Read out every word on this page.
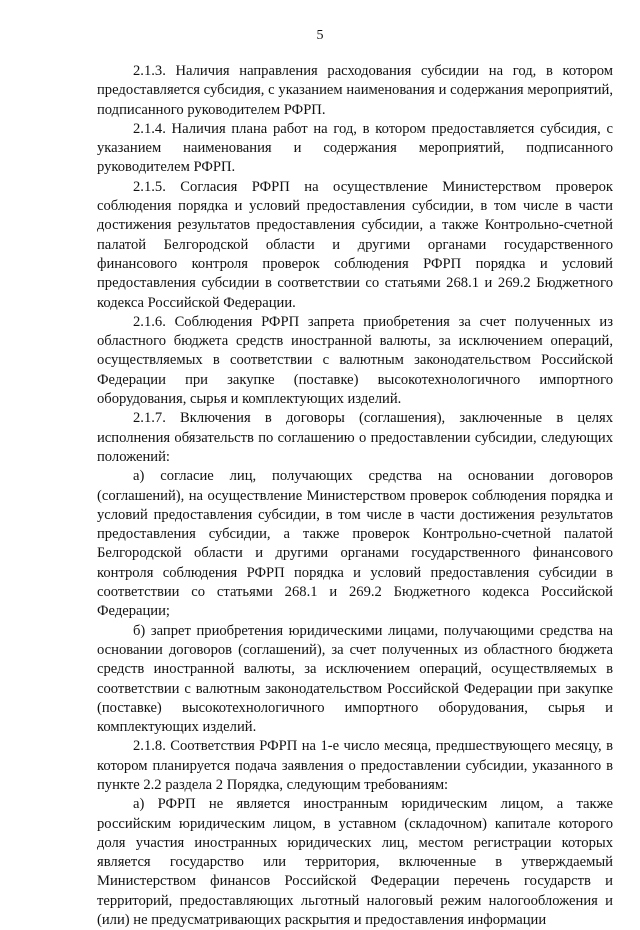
5

2.1.3. Наличия направления расходования субсидии на год, в котором предоставляется субсидия, с указанием наименования и содержания мероприятий, подписанного руководителем РФРП.

2.1.4. Наличия плана работ на год, в котором предоставляется субсидия, с указанием наименования и содержания мероприятий, подписанного руководителем РФРП.

2.1.5. Согласия РФРП на осуществление Министерством проверок соблюдения порядка и условий предоставления субсидии, в том числе в части достижения результатов предоставления субсидии, а также Контрольно-счетной палатой Белгородской области и другими органами государственного финансового контроля проверок соблюдения РФРП порядка и условий предоставления субсидии в соответствии со статьями 268.1 и 269.2 Бюджетного кодекса Российской Федерации.

2.1.6. Соблюдения РФРП запрета приобретения за счет полученных из областного бюджета средств иностранной валюты, за исключением операций, осуществляемых в соответствии с валютным законодательством Российской Федерации при закупке (поставке) высокотехнологичного импортного оборудования, сырья и комплектующих изделий.

2.1.7. Включения в договоры (соглашения), заключенные в целях исполнения обязательств по соглашению о предоставлении субсидии, следующих положений:

а) согласие лиц, получающих средства на основании договоров (соглашений), на осуществление Министерством проверок соблюдения порядка и условий предоставления субсидии, в том числе в части достижения результатов предоставления субсидии, а также проверок Контрольно-счетной палатой Белгородской области и другими органами государственного финансового контроля соблюдения РФРП порядка и условий предоставления субсидии в соответствии со статьями 268.1 и 269.2 Бюджетного кодекса Российской Федерации;

б) запрет приобретения юридическими лицами, получающими средства на основании договоров (соглашений), за счет полученных из областного бюджета средств иностранной валюты, за исключением операций, осуществляемых в соответствии с валютным законодательством Российской Федерации при закупке (поставке) высокотехнологичного импортного оборудования, сырья и комплектующих изделий.

2.1.8. Соответствия РФРП на 1-е число месяца, предшествующего месяцу, в котором планируется подача заявления о предоставлении субсидии, указанного в пункте 2.2 раздела 2 Порядка, следующим требованиям:

а) РФРП не является иностранным юридическим лицом, а также российским юридическим лицом, в уставном (складочном) капитале которого доля участия иностранных юридических лиц, местом регистрации которых является государство или территория, включенные в утверждаемый Министерством финансов Российской Федерации перечень государств и территорий, предоставляющих льготный налоговый режим налогообложения и (или) не предусматривающих раскрытия и предоставления информации
